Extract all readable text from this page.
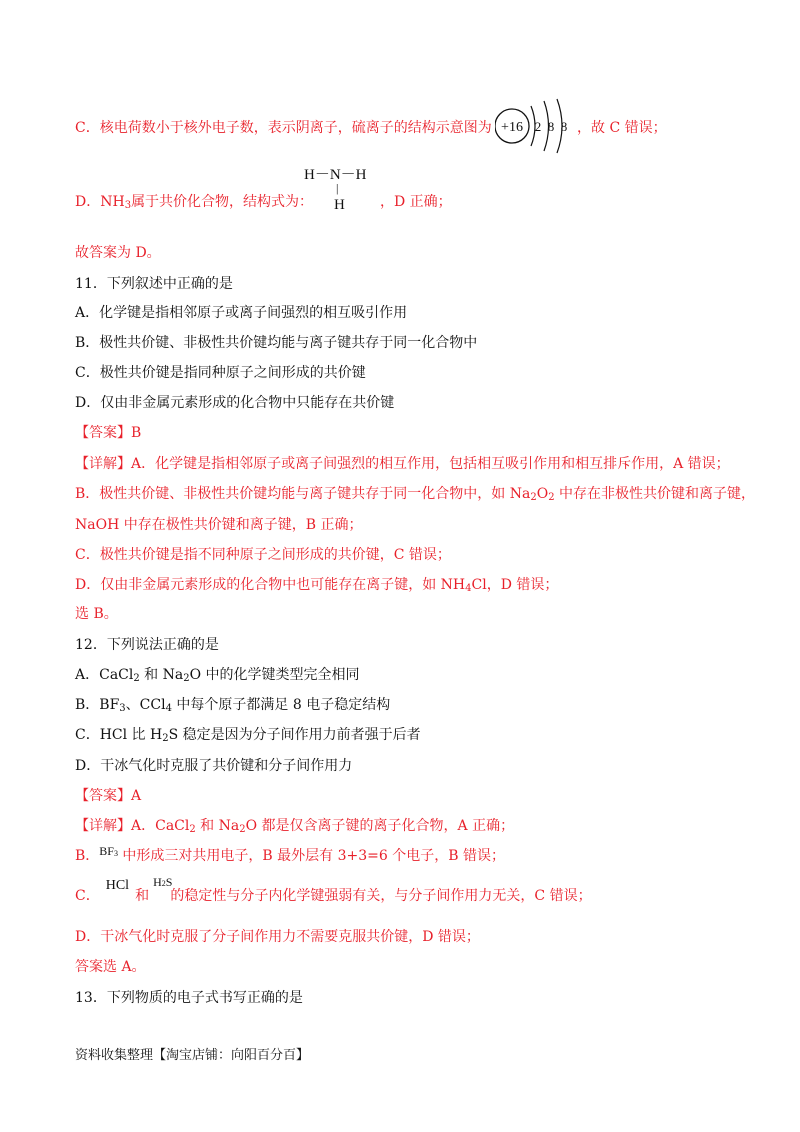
C．核电荷数小于核外电子数，表示阴离子，硫离子的结构示意图为 +16 2 8 8 ，故 C 错误；
H－N－H
|
H
D．$NH_3$属于共价化合物，结构式为：	，D 正确；
故答案为 D。
11．下列叙述中正确的是
A．化学键是指相邻原子或离子间强烈的相互吸引作用
B．极性共价键、非极性共价键均能与离子键共存于同一化合物中
C．极性共价键是指同种原子之间形成的共价键
D．仅由非金属元素形成的化合物中只能存在共价键
【答案】B
【详解】A．化学键是指相邻原子或离子间强烈的相互作用，包括相互吸引作用和相互排斥作用，A 错误；
B．极性共价键、非极性共价键均能与离子键共存于同一化合物中，如 $Na_2O_2$ 中存在非极性共价键和离子键，
NaOH 中存在极性共价键和离子键，B 正确；
C．极性共价键是指不同种原子之间形成的共价键，C 错误；
D．仅由非金属元素形成的化合物中也可能存在离子键，如 $NH_4Cl$，D 错误；
选 B。
12．下列说法正确的是
A．CaCl$_2$ 和 $Na_2O$ 中的化学键类型完全相同
B．$BF_3$、CCl$_4$ 中每个原子都满足 8 电子稳定结构
C．HCl 比 $H_2S$ 稳定是因为分子间作用力前者强于后者
D．干冰气化时克服了共价键和分子间作用力
【答案】A
【详解】A．CaCl$_2$ 和 $Na_2O$ 都是仅含离子键的离子化合物，A 正确；
B．$BF_3$ 中形成三对共用电子，B 最外层有 3+3=6 个电子，B 错误；
C．HCl和$H_2S$的稳定性与分子内化学键强弱有关，与分子间作用力无关，C 错误；
D．干冰气化时克服了分子间作用力不需要克服共价键，D 错误；
答案选 A。
13．下列物质的电子式书写正确的是
资料收集整理【淘宝店铺：向阳百分百】
